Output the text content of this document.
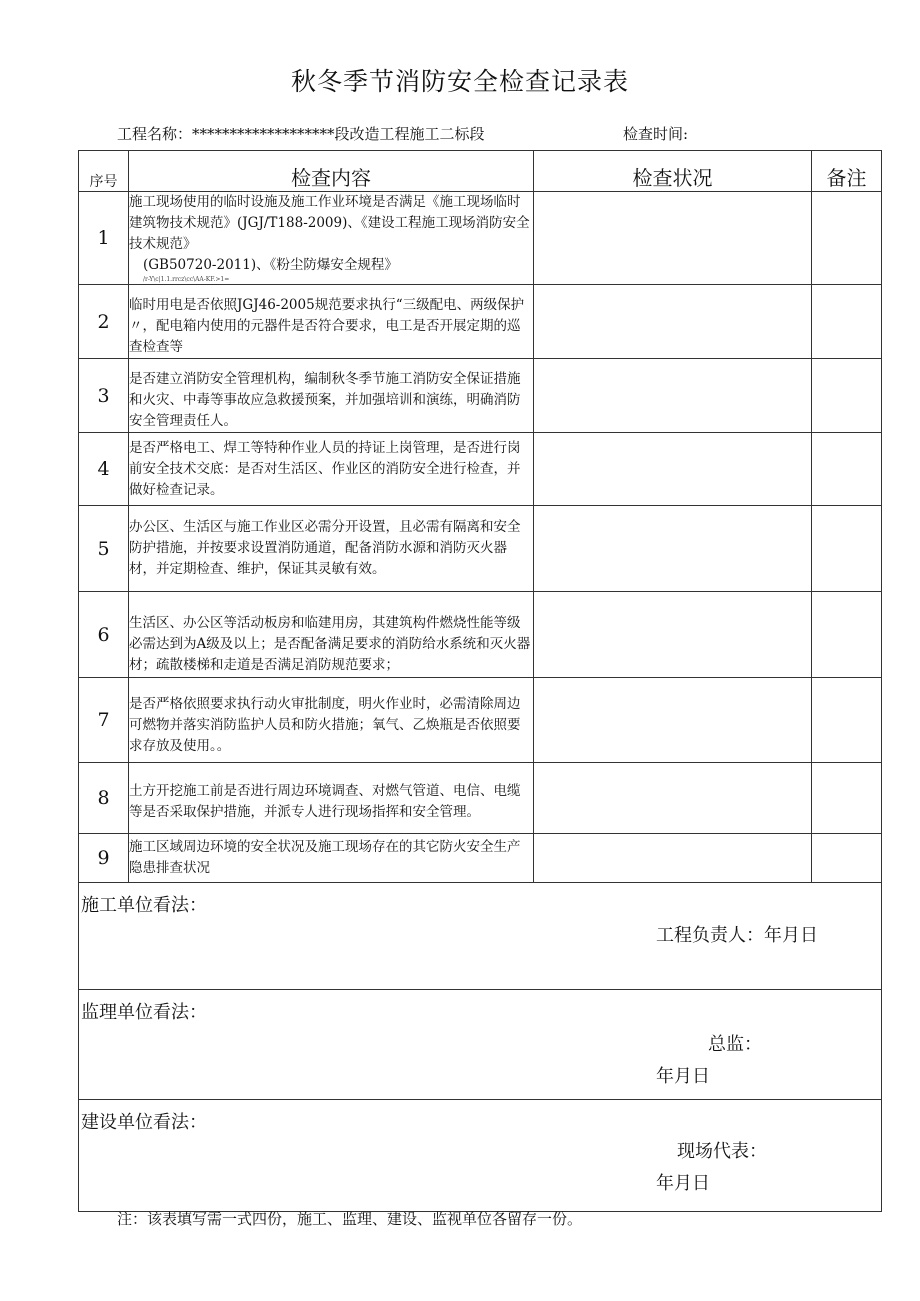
秋冬季节消防安全检查记录表
工程名称：*******************段改造工程施工二标段	检查时间:
序号	检查内容	检查状况	备注
1	施工现场使用的临时设施及施工作业环境是否满足《施工现场临时建筑物技术规范》(JGJ/T188-2009)、《建设工程施工现场消防安全技术规范》
(GB50720-2011)、《粉尘防爆安全规程》
/r-Y\c|1.1.rrcz\cc\AA-KF.>1=		

2	临时用电是否依照JGJ46-2005规范要求执行“三级配电、两级保护〃，配电箱内使用的元器件是否符合要求，电工是否开展定期的巡查检查等		
3	是否建立消防安全管理机构，编制秋冬季节施工消防安全保证措施和火灾、中毒等事故应急救援预案，并加强培训和演练，明确消防安全管理责任人。		
4	是否严格电工、焊工等特种作业人员的持证上岗管理，是否进行岗前安全技术交底：是否对生活区、作业区的消防安全进行检查，并做好检查记录。		
5	办公区、生活区与施工作业区必需分开设置，且必需有隔离和安全防护措施，并按要求设置消防通道，配备消防水源和消防灭火器材，并定期检查、维护，保证其灵敏有效。		
6	生活区、办公区等活动板房和临建用房，其建筑构件燃烧性能等级必需达到为A级及以上；是否配备满足要求的消防给水系统和灭火器材；疏散楼梯和走道是否满足消防规范要求；		
7	是否严格依照要求执行动火审批制度，明火作业时，必需清除周边可燃物并落实消防监护人员和防火措施；氧气、乙焕瓶是否依照要求存放及使用。。		
8	土方开挖施工前是否进行周边环境调查、对燃气管道、电信、电缆等是否采取保护措施，并派专人进行现场指挥和安全管理。		
9	施工区域周边环境的安全状况及施工现场存在的其它防火安全生产隐患排查状况		

施工单位看法：
工程负责人：年月日			

监理单位看法：
总监：
年月日			

建设单位看法：
现场代表：
年月日			
注：该表填写需一式四份，施工、监理、建设、监视单位各留存一份。
